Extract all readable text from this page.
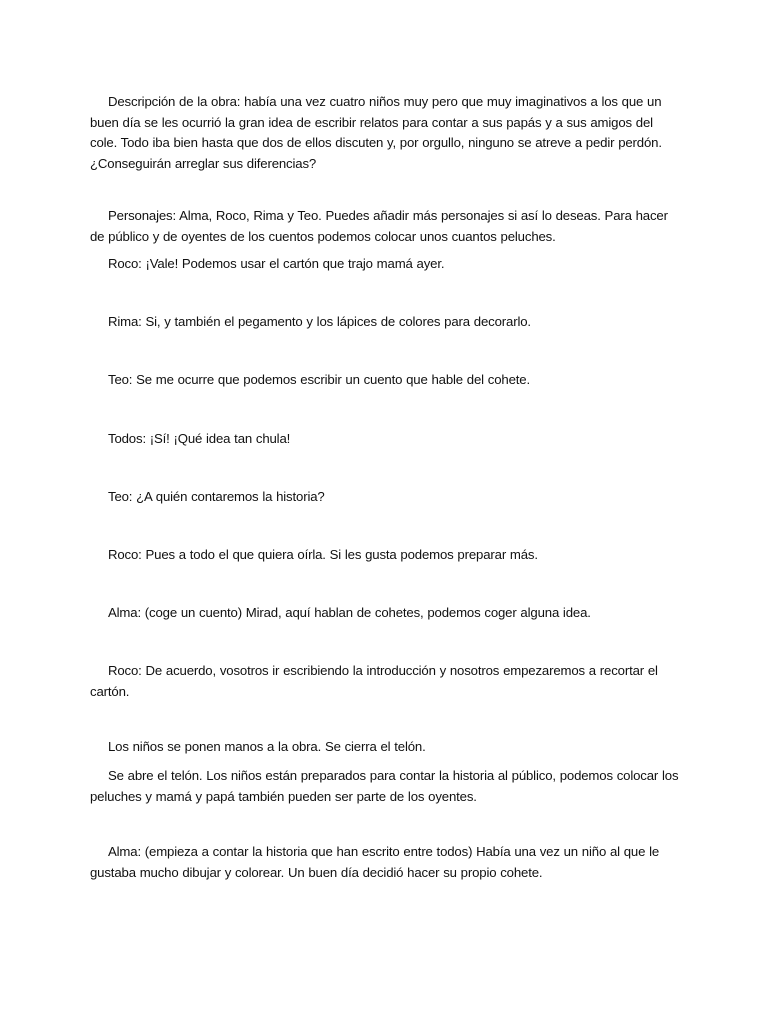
Descripción de la obra: había una vez cuatro niños muy pero que muy imaginativos a los que un buen día se les ocurrió la gran idea de escribir relatos para contar a sus papás y a sus amigos del cole. Todo iba bien hasta que dos de ellos discuten y, por orgullo, ninguno se atreve a pedir perdón. ¿Conseguirán arreglar sus diferencias?

Personajes: Alma, Roco, Rima y Teo. Puedes añadir más personajes si así lo deseas. Para hacer de público y de oyentes de los cuentos podemos colocar unos cuantos peluches.

Roco: ¡Vale! Podemos usar el cartón que trajo mamá ayer.

Rima: Si, y también el pegamento y los lápices de colores para decorarlo.

Teo: Se me ocurre que podemos escribir un cuento que hable del cohete.

Todos: ¡Sí! ¡Qué idea tan chula!

Teo: ¿A quién contaremos la historia?

Roco: Pues a todo el que quiera oírla. Si les gusta podemos preparar más.

Alma: (coge un cuento) Mirad, aquí hablan de cohetes, podemos coger alguna idea.

Roco: De acuerdo, vosotros ir escribiendo la introducción y nosotros empezaremos a recortar el cartón.

Los niños se ponen manos a la obra. Se cierra el telón.

Se abre el telón. Los niños están preparados para contar la historia al público, podemos colocar los peluches y mamá y papá también pueden ser parte de los oyentes.

Alma: (empieza a contar la historia que han escrito entre todos) Había una vez un niño al que le gustaba mucho dibujar y colorear. Un buen día decidió hacer su propio cohete.
